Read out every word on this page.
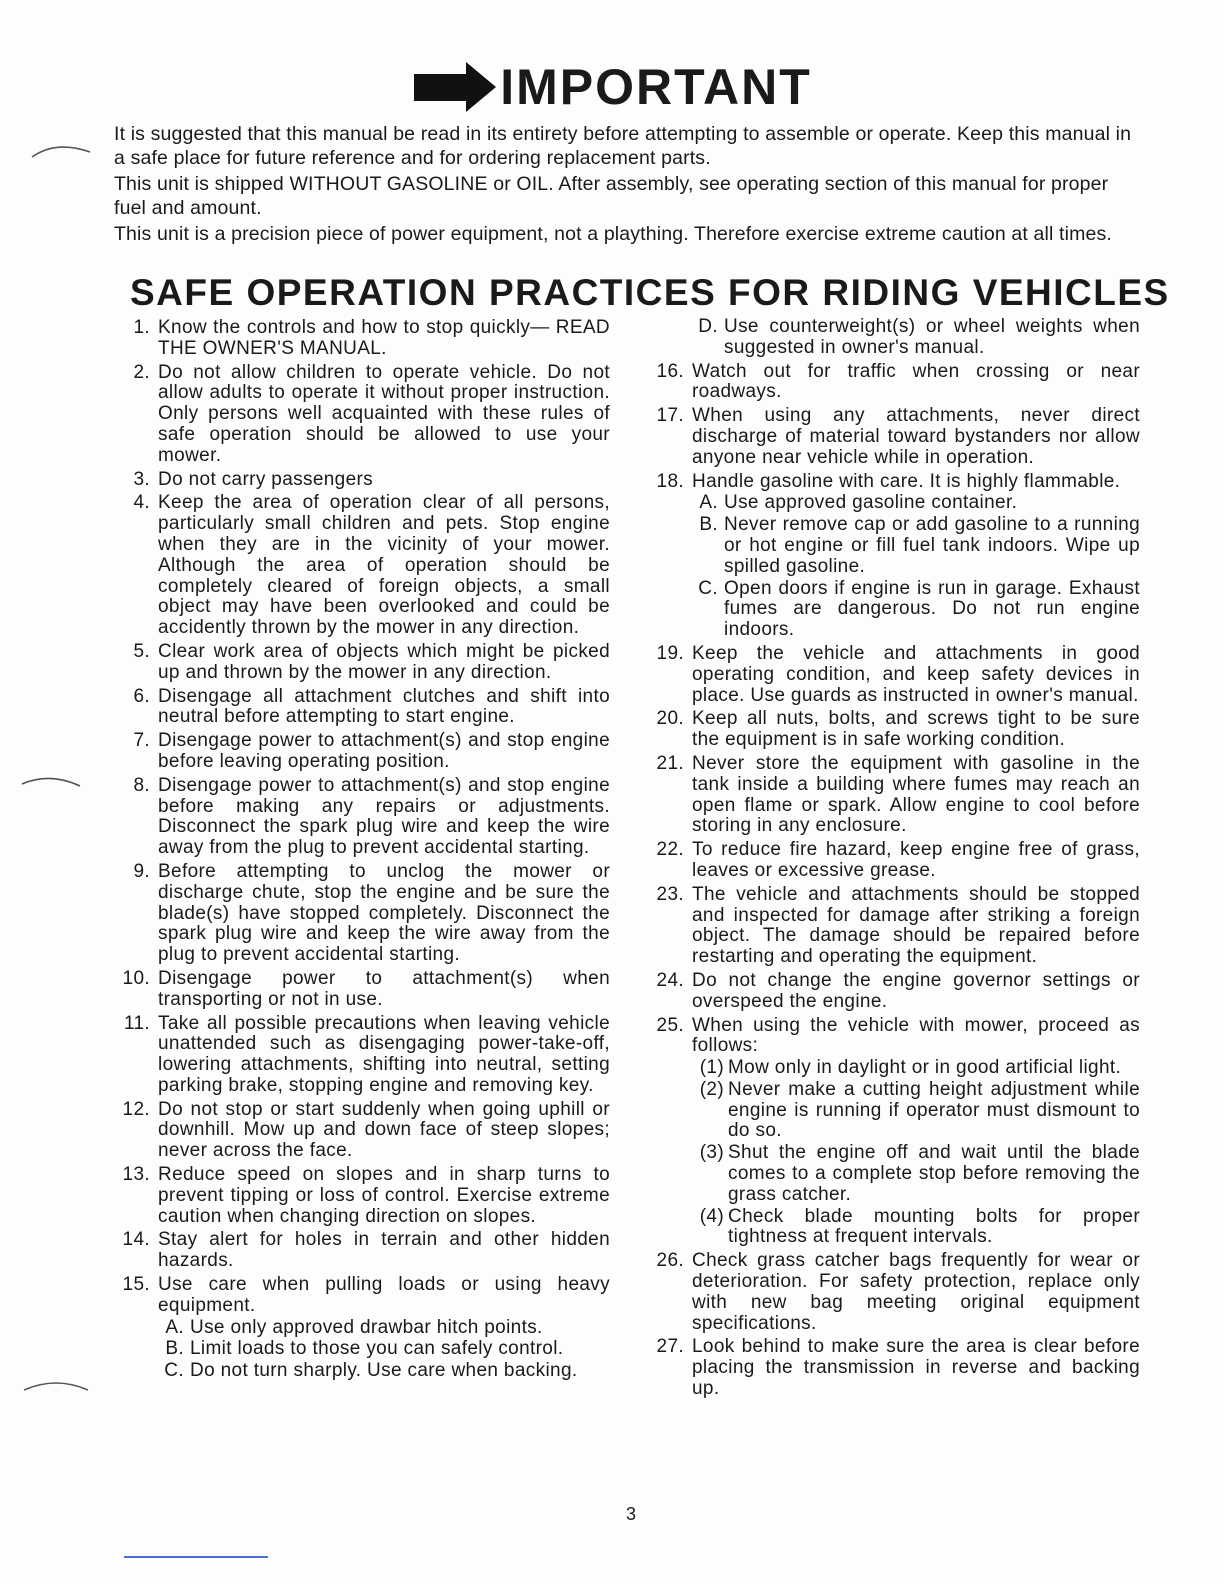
IMPORTANT

It is suggested that this manual be read in its entirety before attempting to assemble or operate. Keep this manual in a safe place for future reference and for ordering replacement parts.

This unit is shipped WITHOUT GASOLINE or OIL. After assembly, see operating section of this manual for proper fuel and amount.

This unit is a precision piece of power equipment, not a plaything. Therefore exercise extreme caution at all times.

SAFE OPERATION PRACTICES FOR RIDING VEHICLES
1. Know the controls and how to stop quickly— READ THE OWNER'S MANUAL.
2. Do not allow children to operate vehicle. Do not allow adults to operate it without proper instruction. Only persons well acquainted with these rules of safe operation should be allowed to use your mower.
3. Do not carry passengers
4. Keep the area of operation clear of all persons, particularly small children and pets. Stop engine when they are in the vicinity of your mower. Although the area of operation should be completely cleared of foreign objects, a small object may have been overlooked and could be accidently thrown by the mower in any direction.
5. Clear work area of objects which might be picked up and thrown by the mower in any direction.
6. Disengage all attachment clutches and shift into neutral before attempting to start engine.
7. Disengage power to attachment(s) and stop engine before leaving operating position.
8. Disengage power to attachment(s) and stop engine before making any repairs or adjustments. Disconnect the spark plug wire and keep the wire away from the plug to prevent accidental starting.
9. Before attempting to unclog the mower or discharge chute, stop the engine and be sure the blade(s) have stopped completely. Disconnect the spark plug wire and keep the wire away from the plug to prevent accidental starting.
10. Disengage power to attachment(s) when transporting or not in use.
11. Take all possible precautions when leaving vehicle unattended such as disengaging power-take-off, lowering attachments, shifting into neutral, setting parking brake, stopping engine and removing key.
12. Do not stop or start suddenly when going uphill or downhill. Mow up and down face of steep slopes; never across the face.
13. Reduce speed on slopes and in sharp turns to prevent tipping or loss of control. Exercise extreme caution when changing direction on slopes.
14. Stay alert for holes in terrain and other hidden hazards.
15. Use care when pulling loads or using heavy equipment.
A. Use only approved drawbar hitch points.
B. Limit loads to those you can safely control.
C. Do not turn sharply. Use care when backing.
D. Use counterweight(s) or wheel weights when suggested in owner's manual.
16. Watch out for traffic when crossing or near roadways.
17. When using any attachments, never direct discharge of material toward bystanders nor allow anyone near vehicle while in operation.
18. Handle gasoline with care. It is highly flammable.
A. Use approved gasoline container.
B. Never remove cap or add gasoline to a running or hot engine or fill fuel tank indoors. Wipe up spilled gasoline.
C. Open doors if engine is run in garage. Exhaust fumes are dangerous. Do not run engine indoors.
19. Keep the vehicle and attachments in good operating condition, and keep safety devices in place. Use guards as instructed in owner's manual.
20. Keep all nuts, bolts, and screws tight to be sure the equipment is in safe working condition.
21. Never store the equipment with gasoline in the tank inside a building where fumes may reach an open flame or spark. Allow engine to cool before storing in any enclosure.
22. To reduce fire hazard, keep engine free of grass, leaves or excessive grease.
23. The vehicle and attachments should be stopped and inspected for damage after striking a foreign object. The damage should be repaired before restarting and operating the equipment.
24. Do not change the engine governor settings or overspeed the engine.
25. When using the vehicle with mower, proceed as follows:
(1) Mow only in daylight or in good artificial light.
(2) Never make a cutting height adjustment while engine is running if operator must dismount to do so.
(3) Shut the engine off and wait until the blade comes to a complete stop before removing the grass catcher.
(4) Check blade mounting bolts for proper tightness at frequent intervals.
26. Check grass catcher bags frequently for wear or deterioration. For safety protection, replace only with new bag meeting original equipment specifications.
27. Look behind to make sure the area is clear before placing the transmission in reverse and backing up.
3
